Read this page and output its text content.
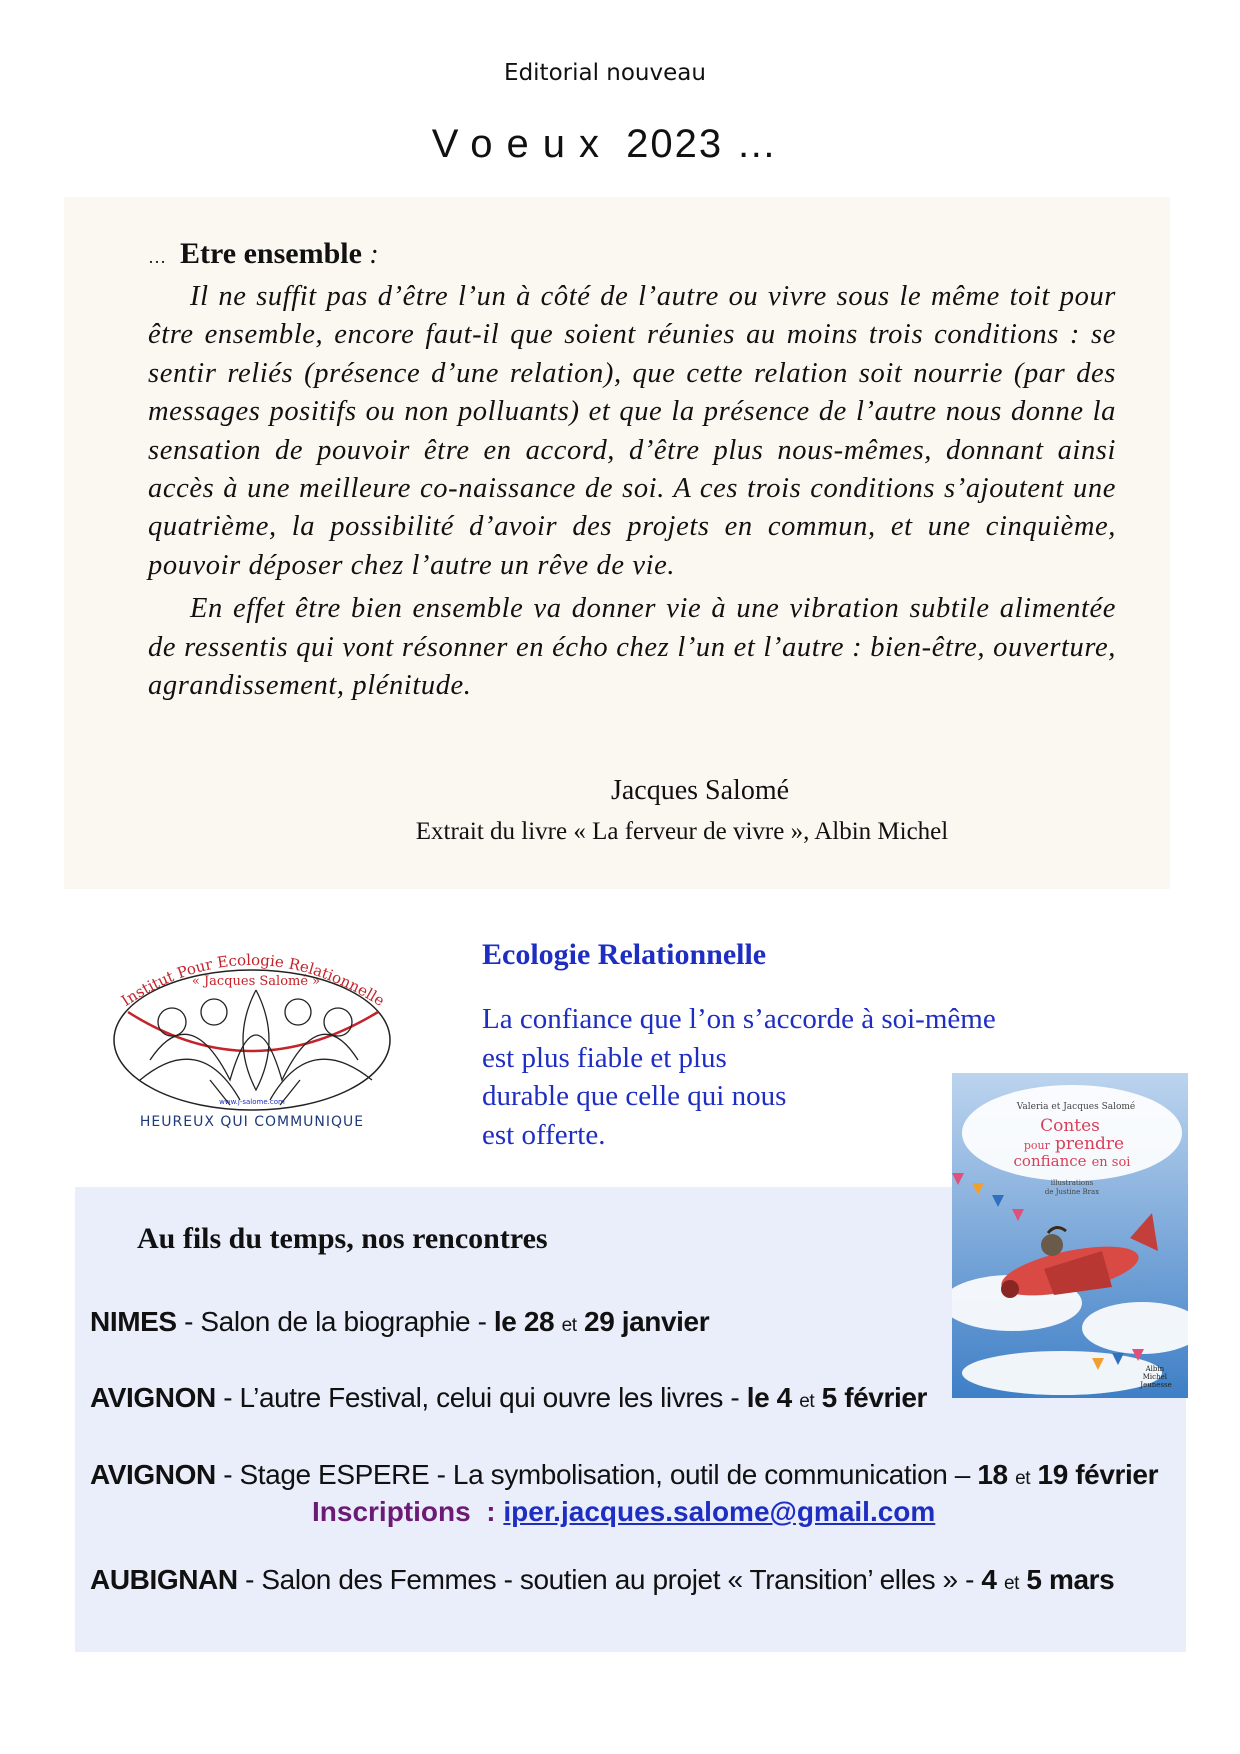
Editorial nouveau
Voeux 2023 …
… Etre ensemble :

Il ne suffit pas d’être l’un à côté de l’autre ou vivre sous le même toit pour être ensemble, encore faut-il que soient réunies au moins trois conditions : se sentir reliés (présence d’une relation), que cette relation soit nourrie (par des messages positifs ou non polluants) et que la présence de l’autre nous donne la sensation de pouvoir être en accord, d’être plus nous-mêmes, donnant ainsi accès à une meilleure co-naissance de soi. A ces trois conditions s’ajoutent une quatrième, la possibilité d’avoir des projets en commun, et une cinquième, pouvoir déposer chez l’autre un rêve de vie.

En effet être bien ensemble va donner vie à une vibration subtile alimentée de ressentis qui vont résonner en écho chez l’un et l’autre : bien-être, ouverture, agrandissement, plénitude.

Jacques Salomé
Extrait du livre « La ferveur de vivre », Albin Michel
Institut Pour Ecologie Relationnelle
« Jacques Salomé »
www.j-salome.com
HEUREUX QUI COMMUNIQUE
Ecologie Relationnelle
La confiance que l’on s’accorde à soi-même
est plus fiable et plus
durable que celle qui nous
est offerte.
Au fils du temps, nos rencontres
NIMES - Salon de la biographie - le 28 et 29 janvier
AVIGNON - L’autre Festival, celui qui ouvre les livres - le 4 et 5 février
AVIGNON - Stage ESPERE - La symbolisation, outil de communication – 18 et 19 février
Inscriptions : iper.jacques.salome@gmail.com
AUBIGNAN - Salon des Femmes - soutien au projet « Transition’ elles » - 4 et 5 mars
Valeria et Jacques Salomé
Contes
pour prendre
confiance en soi
illustrations
de Justine Brax
Albin Michel Jeunesse
